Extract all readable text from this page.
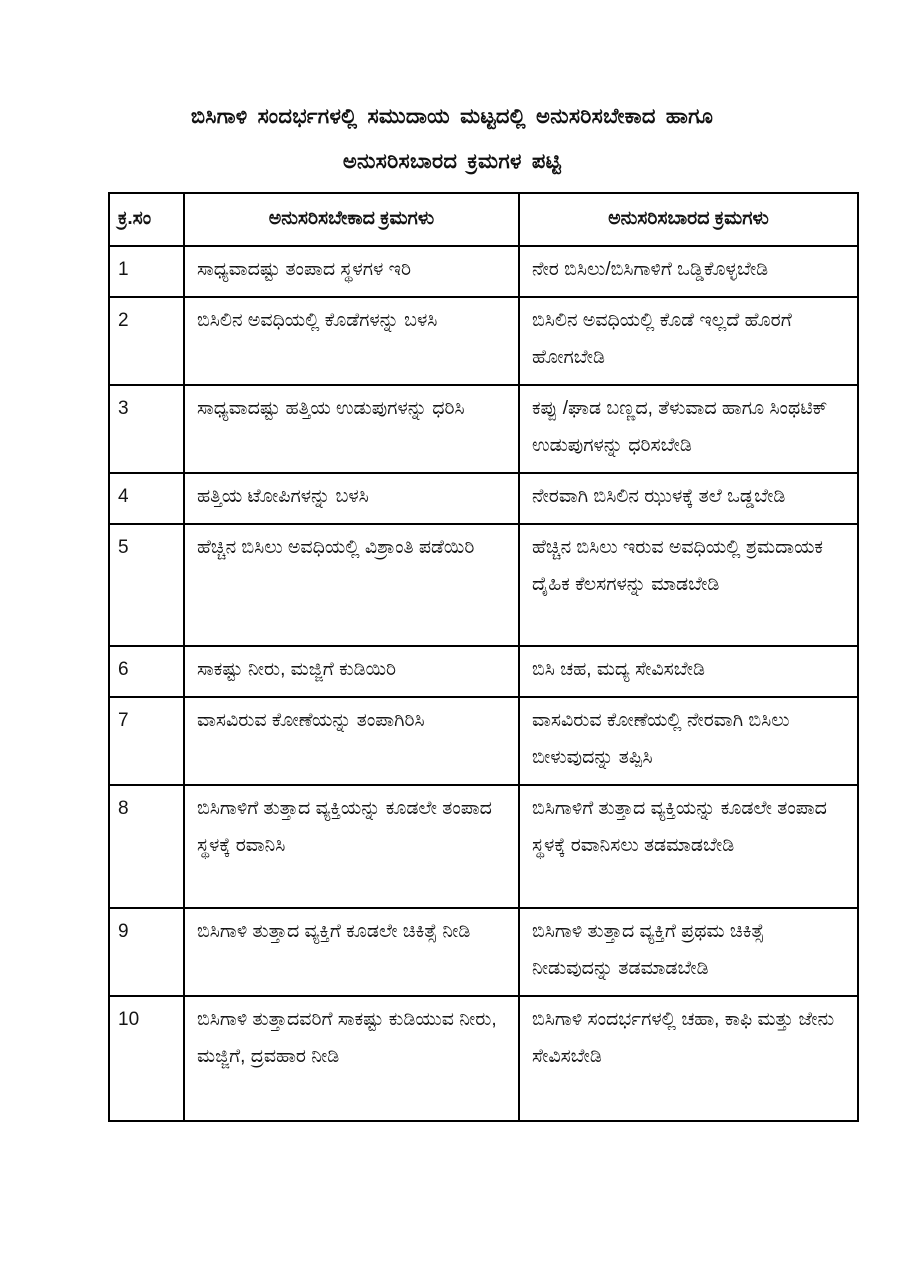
ಬಿಸಿಗಾಳಿ ಸಂದರ್ಭಗಳಲ್ಲಿ ಸಮುದಾಯ ಮಟ್ಟದಲ್ಲಿ ಅನುಸರಿಸಬೇಕಾದ ಹಾಗೂ
ಅನುಸರಿಸಬಾರದ ಕ್ರಮಗಳ ಪಟ್ಟಿ
ಕ್ರ.ಸಂ	ಅನುಸರಿಸಬೇಕಾದ ಕ್ರಮಗಳು	ಅನುಸರಿಸಬಾರದ ಕ್ರಮಗಳು
1	ಸಾಧ್ಯವಾದಷ್ಟು ತಂಪಾದ ಸ್ಥಳಗಳ ಇರಿ	ನೇರ ಬಿಸಿಲು/ಬಿಸಿಗಾಳಿಗೆ ಒಡ್ಡಿಕೊಳ್ಳಬೇಡಿ
2	ಬಿಸಿಲಿನ ಅವಧಿಯಲ್ಲಿ ಕೊಡೆಗಳನ್ನು ಬಳಸಿ	ಬಿಸಿಲಿನ ಅವಧಿಯಲ್ಲಿ ಕೊಡೆ ಇಲ್ಲದೆ ಹೊರಗೆ ಹೋಗಬೇಡಿ
3	ಸಾಧ್ಯವಾದಷ್ಟು ಹತ್ತಿಯ ಉಡುಪುಗಳನ್ನು ಧರಿಸಿ	ಕಪ್ಪು /ಘಾಡ ಬಣ್ಣದ, ತೆಳುವಾದ ಹಾಗೂ ಸಿಂಥಟಿಕ್ ಉಡುಪುಗಳನ್ನು ಧರಿಸಬೇಡಿ
4	ಹತ್ತಿಯ ಟೋಪಿಗಳನ್ನು ಬಳಸಿ	ನೇರವಾಗಿ ಬಿಸಿಲಿನ ಝುಳಕ್ಕೆ ತಲೆ ಒಡ್ಡಬೇಡಿ
5	ಹೆಚ್ಚಿನ ಬಿಸಿಲು ಅವಧಿಯಲ್ಲಿ ವಿಶ್ರಾಂತಿ ಪಡೆಯಿರಿ	ಹೆಚ್ಚಿನ ಬಿಸಿಲು ಇರುವ ಅವಧಿಯಲ್ಲಿ ಶ್ರಮದಾಯಕ ದೈಹಿಕ ಕೆಲಸಗಳನ್ನು ಮಾಡಬೇಡಿ
6	ಸಾಕಷ್ಟು ನೀರು, ಮಜ್ಜಿಗೆ ಕುಡಿಯಿರಿ	ಬಿಸಿ ಚಹ, ಮದ್ಯ ಸೇವಿಸಬೇಡಿ
7	ವಾಸವಿರುವ ಕೋಣೆಯನ್ನು ತಂಪಾಗಿರಿಸಿ	ವಾಸವಿರುವ ಕೋಣೆಯಲ್ಲಿ ನೇರವಾಗಿ ಬಿಸಿಲು ಬೀಳುವುದನ್ನು ತಪ್ಪಿಸಿ
8	ಬಿಸಿಗಾಳಿಗೆ ತುತ್ತಾದ ವ್ಯಕ್ತಿಯನ್ನು ಕೂಡಲೇ ತಂಪಾದ ಸ್ಥಳಕ್ಕೆ ರವಾನಿಸಿ	ಬಿಸಿಗಾಳಿಗೆ ತುತ್ತಾದ ವ್ಯಕ್ತಿಯನ್ನು ಕೂಡಲೇ ತಂಪಾದ ಸ್ಥಳಕ್ಕೆ ರವಾನಿಸಲು ತಡಮಾಡಬೇಡಿ
9	ಬಿಸಿಗಾಳಿ ತುತ್ತಾದ ವ್ಯಕ್ತಿಗೆ ಕೂಡಲೇ ಚಿಕಿತ್ಸೆ ನೀಡಿ	ಬಿಸಿಗಾಳಿ ತುತ್ತಾದ ವ್ಯಕ್ತಿಗೆ ಪ್ರಥಮ ಚಿಕಿತ್ಸೆ ನೀಡುವುದನ್ನು ತಡಮಾಡಬೇಡಿ
10	ಬಿಸಿಗಾಳಿ ತುತ್ತಾದವರಿಗೆ ಸಾಕಷ್ಟು ಕುಡಿಯುವ ನೀರು, ಮಜ್ಜಿಗೆ, ದ್ರವಹಾರ ನೀಡಿ	ಬಿಸಿಗಾಳಿ ಸಂದರ್ಭಗಳಲ್ಲಿ ಚಹಾ, ಕಾಫಿ ಮತ್ತು ಜೇನು ಸೇವಿಸಬೇಡಿ
